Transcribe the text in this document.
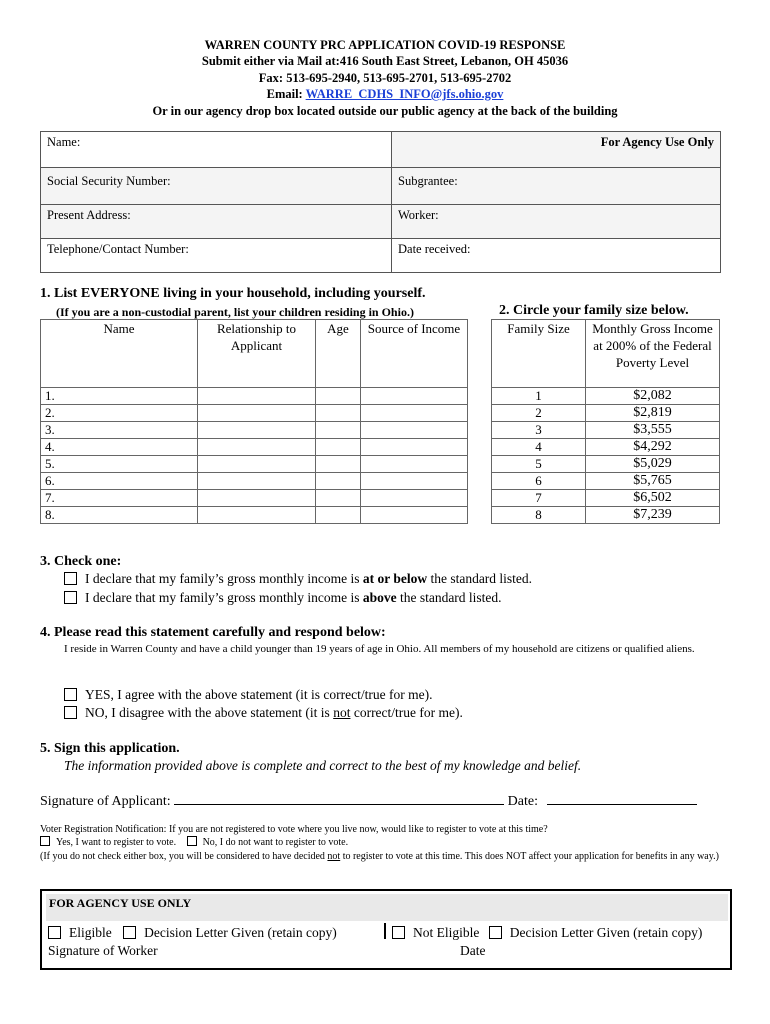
WARREN COUNTY PRC APPLICATION COVID-19 RESPONSE
Submit either via Mail at:416 South East Street, Lebanon, OH 45036
Fax: 513-695-2940, 513-695-2701, 513-695-2702
Email: WARRE_CDHS_INFO@jfs.ohio.gov
Or in our agency drop box located outside our public agency at the back of the building
Name:	For Agency Use Only
Social Security Number:	Subgrantee:
Present Address:	Worker:
Telephone/Contact Number:	Date received:
1. List EVERYONE living in your household, including yourself.
(If you are a non-custodial parent, list your children residing in Ohio.)
Name	Relationship to Applicant	Age	Source of Income
1.			
2.			
3.			
4.			
5.			
6.			
7.			
8.			
2. Circle your family size below.
Family Size	Monthly Gross Income at 200% of the Federal Poverty Level
1	$2,082
2	$2,819
3	$3,555
4	$4,292
5	$5,029
6	$5,765
7	$6,502
8	$7,239
3. Check one:
I declare that my family’s gross monthly income is at or below the standard listed.
I declare that my family’s gross monthly income is above the standard listed.
4. Please read this statement carefully and respond below:
I reside in Warren County and have a child younger than 19 years of age in Ohio. All members of my household are citizens or qualified aliens.
YES, I agree with the above statement (it is correct/true for me).
NO, I disagree with the above statement (it is not correct/true for me).
5. Sign this application.
The information provided above is complete and correct to the best of my knowledge and belief.
Signature of Applicant:	Date:
Voter Registration Notification: If you are not registered to vote where you live now, would like to register to vote at this time?
Yes, I want to register to vote.	No, I do not want to register to vote.
(If you do not check either box, you will be considered to have decided not to register to vote at this time. This does NOT affect your application for benefits in any way.)
FOR AGENCY USE ONLY
Eligible Decision Letter Given (retain copy)	Not Eligible Decision Letter Given (retain copy)
Signature of Worker	Date
